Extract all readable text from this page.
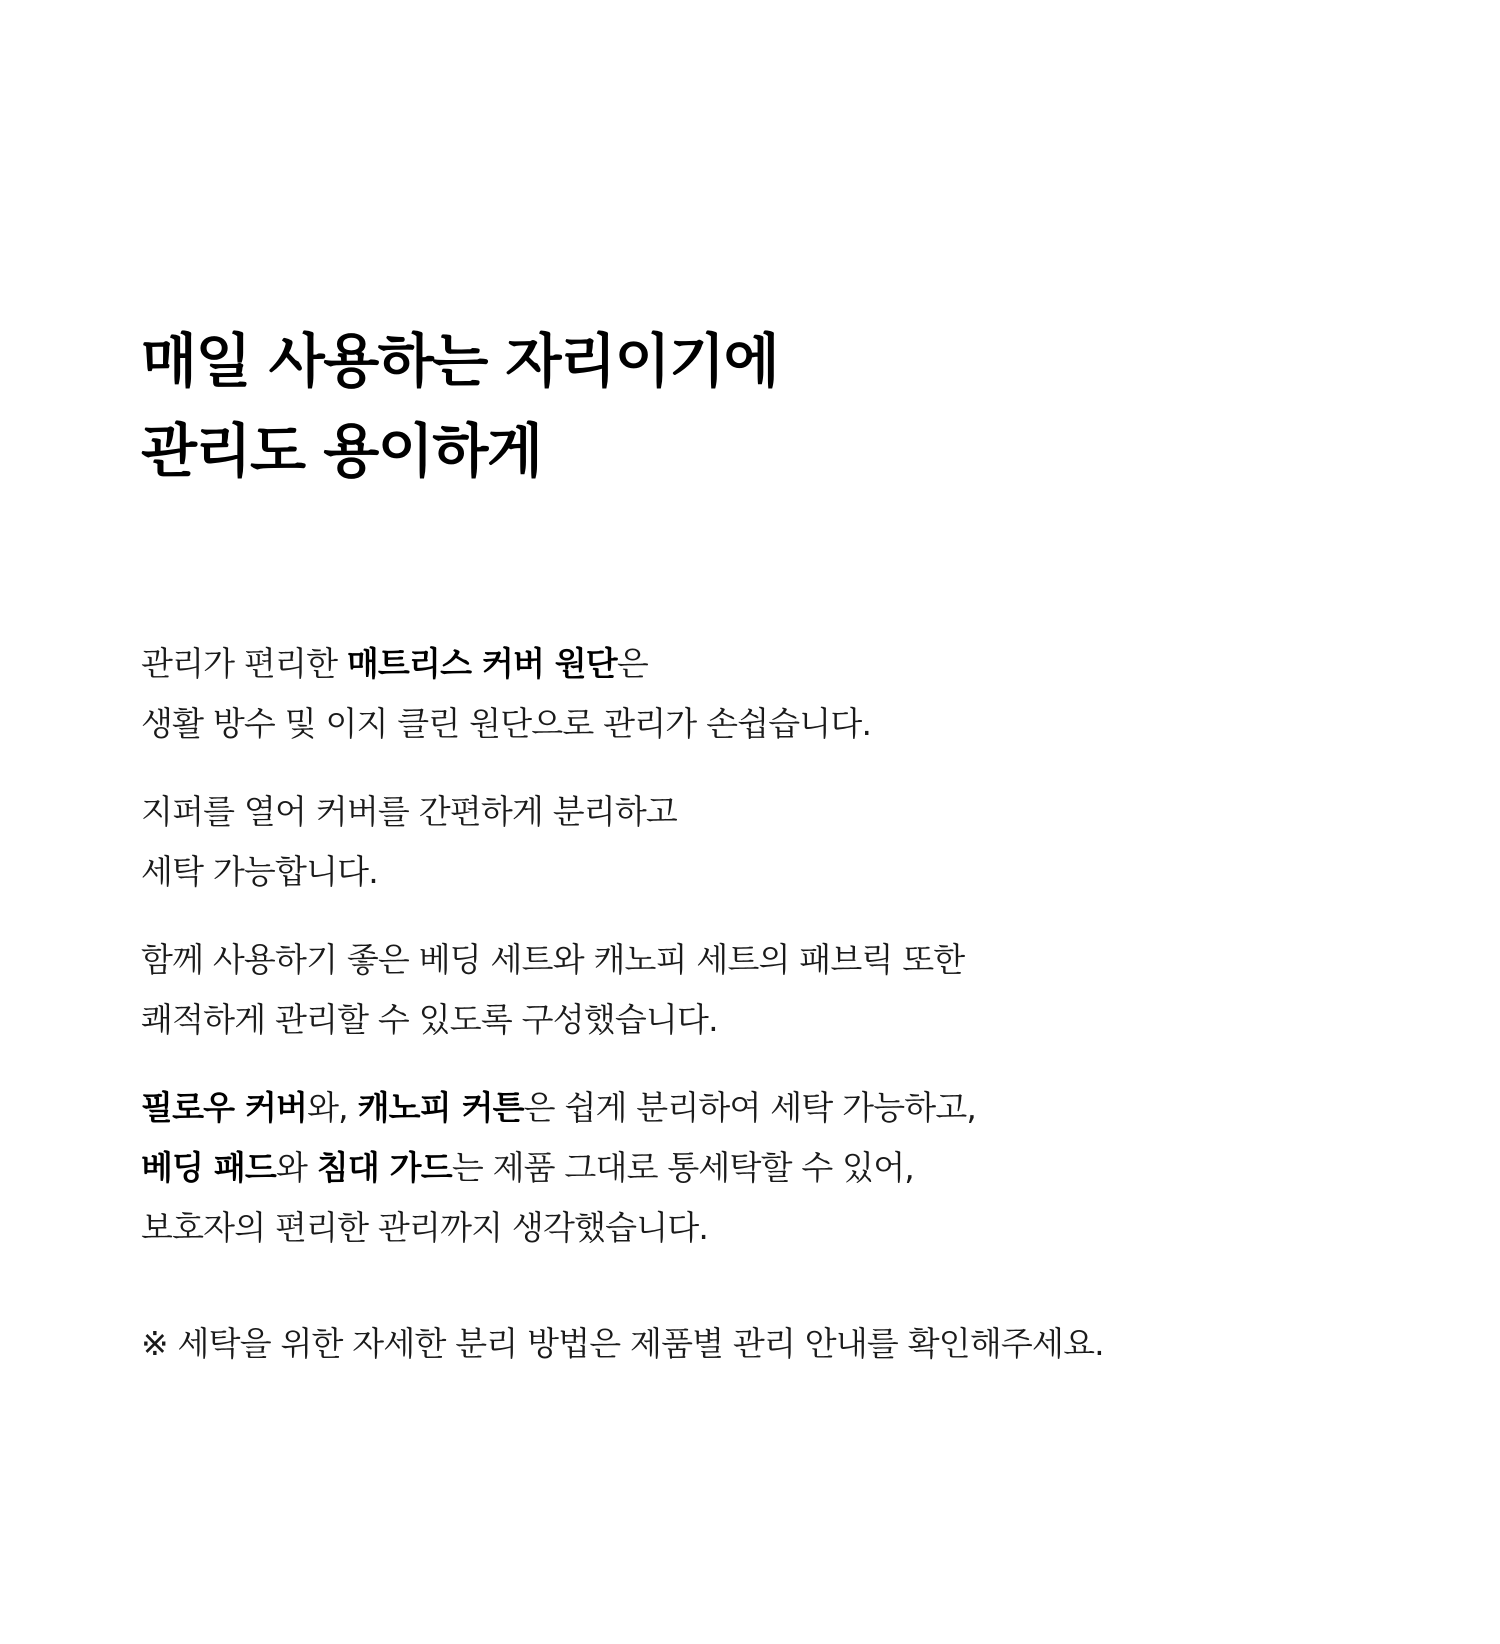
매일 사용하는 자리이기에
관리도 용이하게

관리가 편리한 매트리스 커버 원단은
생활 방수 및 이지 클린 원단으로 관리가 손쉽습니다.

지퍼를 열어 커버를 간편하게 분리하고
세탁 가능합니다.

함께 사용하기 좋은 베딩 세트와 캐노피 세트의 패브릭 또한
쾌적하게 관리할 수 있도록 구성했습니다.

필로우 커버와, 캐노피 커튼은 쉽게 분리하여 세탁 가능하고,
베딩 패드와 침대 가드는 제품 그대로 통세탁할 수 있어,
보호자의 편리한 관리까지 생각했습니다.

※ 세탁을 위한 자세한 분리 방법은 제품별 관리 안내를 확인해주세요.
